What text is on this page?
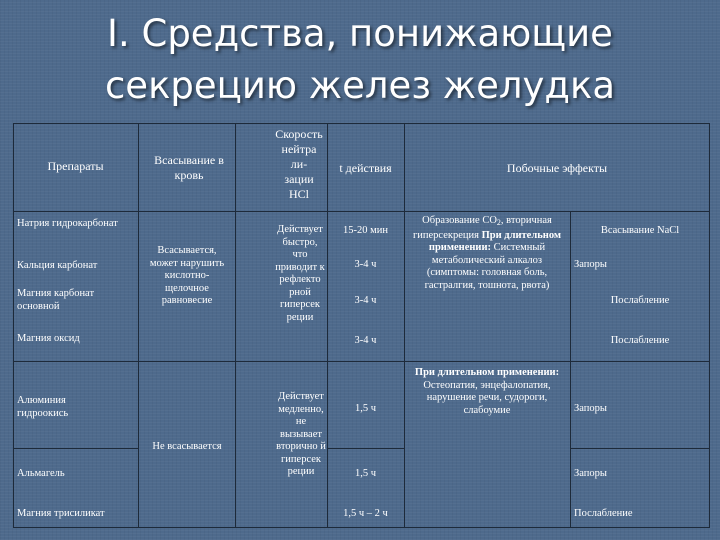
I. Средства, понижающие
секрецию желез желудка
Препараты	Всасывание в кровь
Скорость нейтра ли- зации HCl
t действия	Побочные эффекты
Натрия гидрокарбонат
Кальция карбонат
Магния карбонат основной
Магния оксид
Алюминия гидроокись
Альмагель
Магния трисиликат
Всасывается, может нарушить кислотно- щелочное равновесие
Не всасывается
Действует быстро, что приводит к рефлекто рной гиперсек реции
Действует медленно, не вызывает вторично й гиперсек реции
15-20 мин
3-4 ч
3-4 ч
3-4 ч
1,5 ч
1,5 ч
1,5 ч – 2 ч
Образование $СО_2$, вторичная гиперсекреция При длительном применении: Системный метаболический алкалоз (симптомы: головная боль, гастралгия, тошнота, рвота)
При длительном применении: Остеопатия, энцефалопатия, нарушение речи, судороги, слабоумие
Всасывание NaCl
Запоры
Послабление
Послабление
Запоры
Запоры
Послабление
